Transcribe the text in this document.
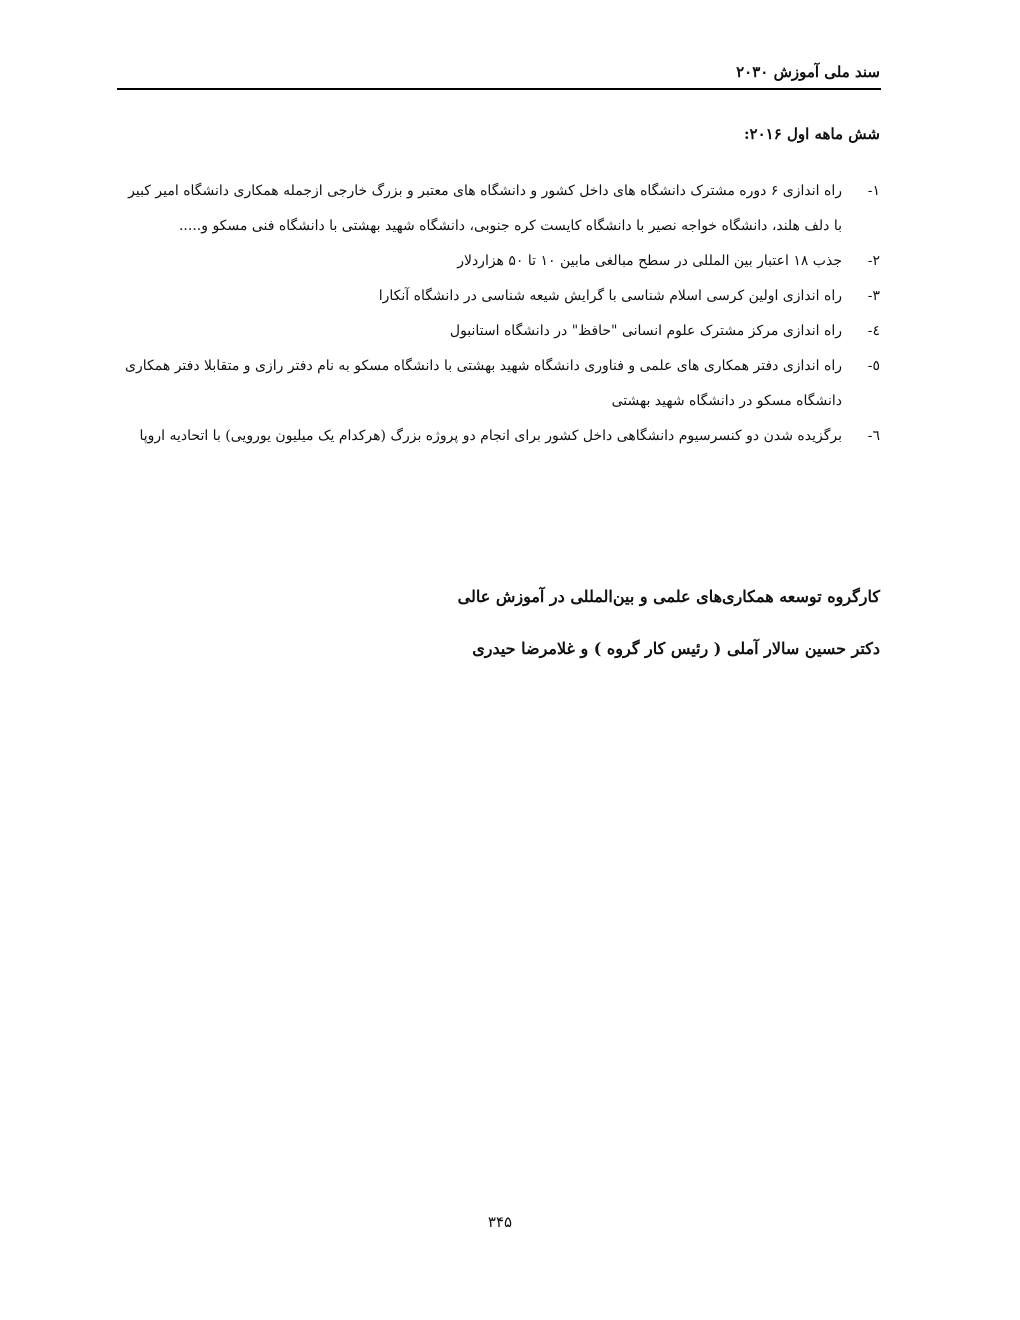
سند ملی آموزش ۲۰۳۰
شش ماهه اول ۲۰۱۶:
١-
راه اندازی ۶ دوره مشترک دانشگاه های داخل کشور و دانشگاه های معتبر و بزرگ خارجی ازجمله همکاری دانشگاه امیر کبیر با دلف هلند، دانشگاه خواجه نصیر با دانشگاه کایست کره جنوبی، دانشگاه شهید بهشتی با دانشگاه فنی مسکو و.....
٢-
جذب ۱۸ اعتبار بین المللی در سطح مبالغی مابین ۱۰ تا ۵۰ هزاردلار
٣-
راه اندازی اولین کرسی اسلام شناسی با گرایش شیعه شناسی در دانشگاه آنکارا
٤-
راه اندازی مرکز مشترک علوم انسانی "حافظ" در دانشگاه استانبول
٥-
راه اندازی دفتر همکاری های علمی و فناوری دانشگاه شهید بهشتی با دانشگاه مسکو به نام دفتر رازی و متقابلا دفتر همکاری دانشگاه مسکو در دانشگاه شهید بهشتی
٦-
برگزیده شدن دو کنسرسیوم دانشگاهی داخل کشور برای انجام دو پروژه بزرگ (هرکدام یک میلیون یورویی) با اتحادیه اروپا
کارگروه توسعه همکاری‌های علمی و بین‌المللی در آموزش عالی
دکتر حسین سالار آملی ( رئیس کار گروه ) و غلامرضا حیدری
۳۴۵
